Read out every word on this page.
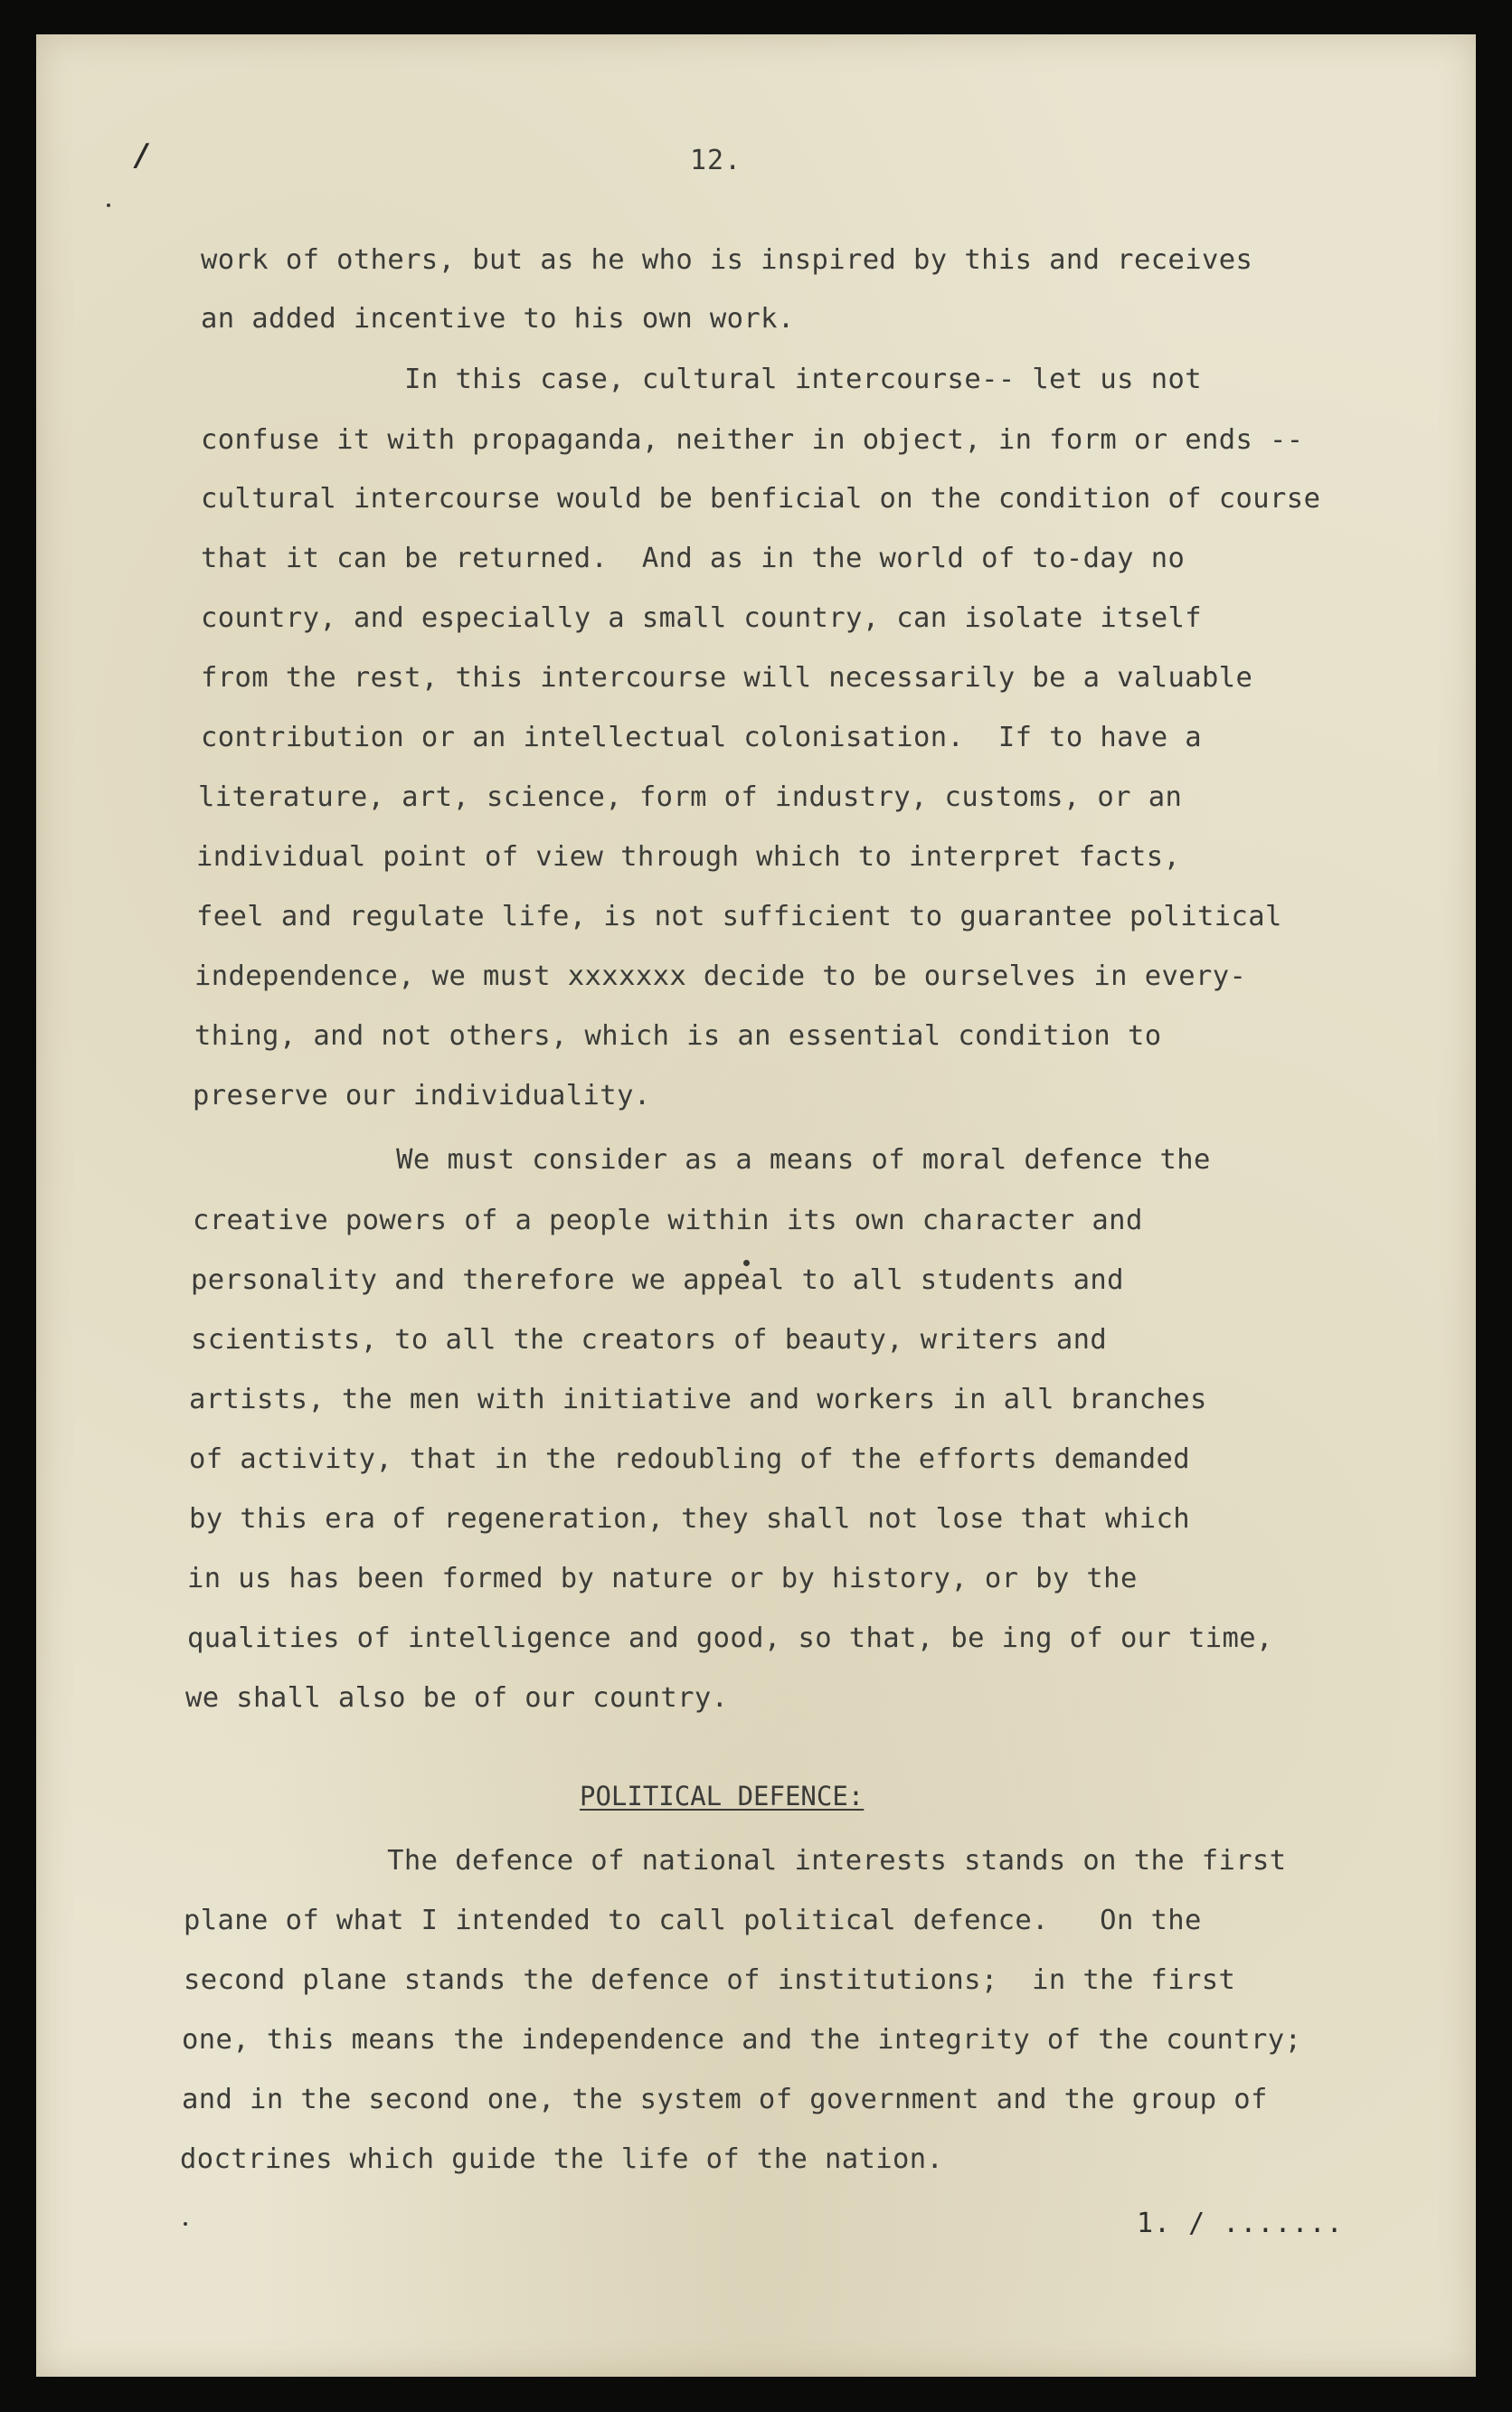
/	12.
work of others, but as he who is inspired by this and receives
an added incentive to his own work.
In this case, cultural intercourse-- let us not
confuse it with propaganda, neither in object, in form or ends --
cultural intercourse would be benficial on the condition of course
that it can be returned.  And as in the world of to-day no
country, and especially a small country, can isolate itself
from the rest, this intercourse will necessarily be a valuable
contribution or an intellectual colonisation.  If to have a
literature, art, science, form of industry, customs, or an
individual point of view through which to interpret facts,
feel and regulate life, is not sufficient to guarantee political
independence, we must xxxxxxx decide to be ourselves in every-
thing, and not others, which is an essential condition to
preserve our individuality.
We must consider as a means of moral defence the
creative powers of a people within its own character and
personality and therefore we appeal to all students and
scientists, to all the creators of beauty, writers and
artists, the men with initiative and workers in all branches
of activity, that in the redoubling of the efforts demanded
by this era of regeneration, they shall not lose that which
in us has been formed by nature or by history, or by the
qualities of intelligence and good, so that, be ing of our time,
we shall also be of our country.
The defence of national interests stands on the first
plane of what I intended to call political defence.   On the
second plane stands the defence of institutions;  in the first
one, this means the independence and the integrity of the country;
and in the second one, the system of government and the group of
doctrines which guide the life of the nation.
POLITICAL DEFENCE:
1. / .......
